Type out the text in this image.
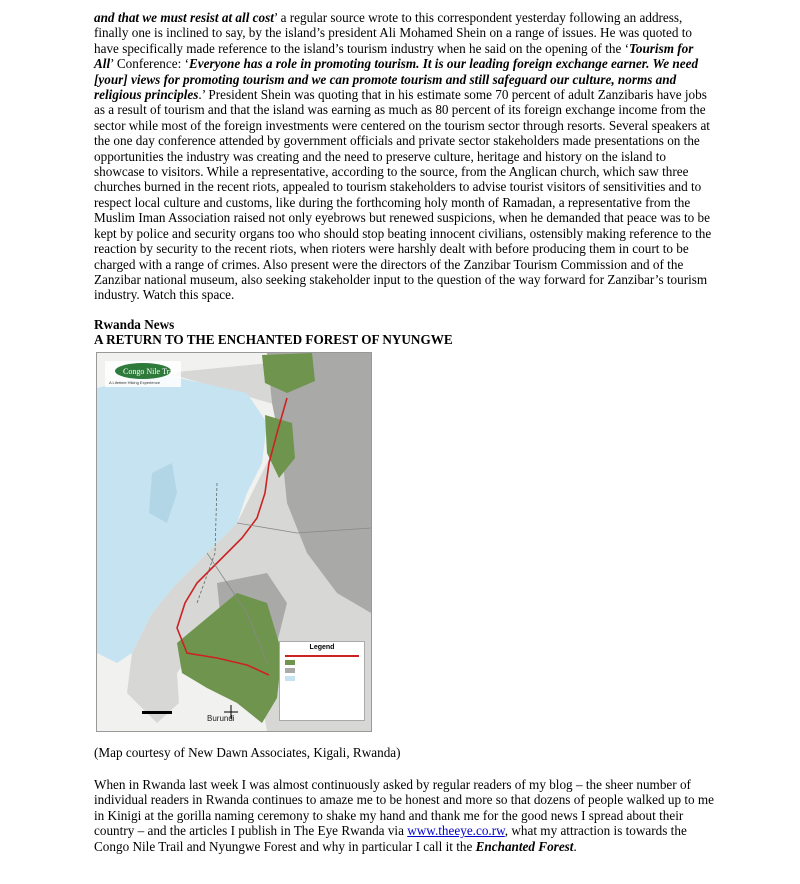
and that we must resist at all cost’ a regular source wrote to this correspondent yesterday following an address, finally one is inclined to say, by the island’s president Ali Mohamed Shein on a range of issues. He was quoted to have specifically made reference to the island’s tourism industry when he said on the opening of the ‘Tourism for All’ Conference: ‘Everyone has a role in promoting tourism. It is our leading foreign exchange earner. We need [your] views for promoting tourism and we can promote tourism and still safeguard our culture, norms and religious principles.’ President Shein was quoting that in his estimate some 70 percent of adult Zanzibaris have jobs as a result of tourism and that the island was earning as much as 80 percent of its foreign exchange income from the sector while most of the foreign investments were centered on the tourism sector through resorts. Several speakers at the one day conference attended by government officials and private sector stakeholders made presentations on the opportunities the industry was creating and the need to preserve culture, heritage and history on the island to showcase to visitors. While a representative, according to the source, from the Anglican church, which saw three churches burned in the recent riots, appealed to tourism stakeholders to advise tourist visitors of sensitivities and to respect local culture and customs, like during the forthcoming holy month of Ramadan, a representative from the Muslim Iman Association raised not only eyebrows but renewed suspicions, when he demanded that peace was to be kept by police and security organs too who should stop beating innocent civilians, ostensibly making reference to the reaction by security to the recent riots, when rioters were harshly dealt with before producing them in court to be charged with a range of crimes. Also present were the directors of the Zanzibar Tourism Commission and of the Zanzibar national museum, also seeking stakeholder input to the question of the way forward for Zanzibar’s tourism industry. Watch this space.

Rwanda News
A RETURN TO THE ENCHANTED FOREST OF NYUNGWE
Burundi
Congo Nile Trail
A Lifetime Hiking Experience
Legend
(Map courtesy of New Dawn Associates, Kigali, Rwanda)

When in Rwanda last week I was almost continuously asked by regular readers of my blog – the sheer number of individual readers in Rwanda continues to amaze me to be honest and more so that dozens of people walked up to me in Kinigi at the gorilla naming ceremony to shake my hand and thank me for the good news I spread about their country – and the articles I publish in The Eye Rwanda via www.theeye.co.rw, what my attraction is towards the Congo Nile Trail and Nyungwe Forest and why in particular I call it the Enchanted Forest.
